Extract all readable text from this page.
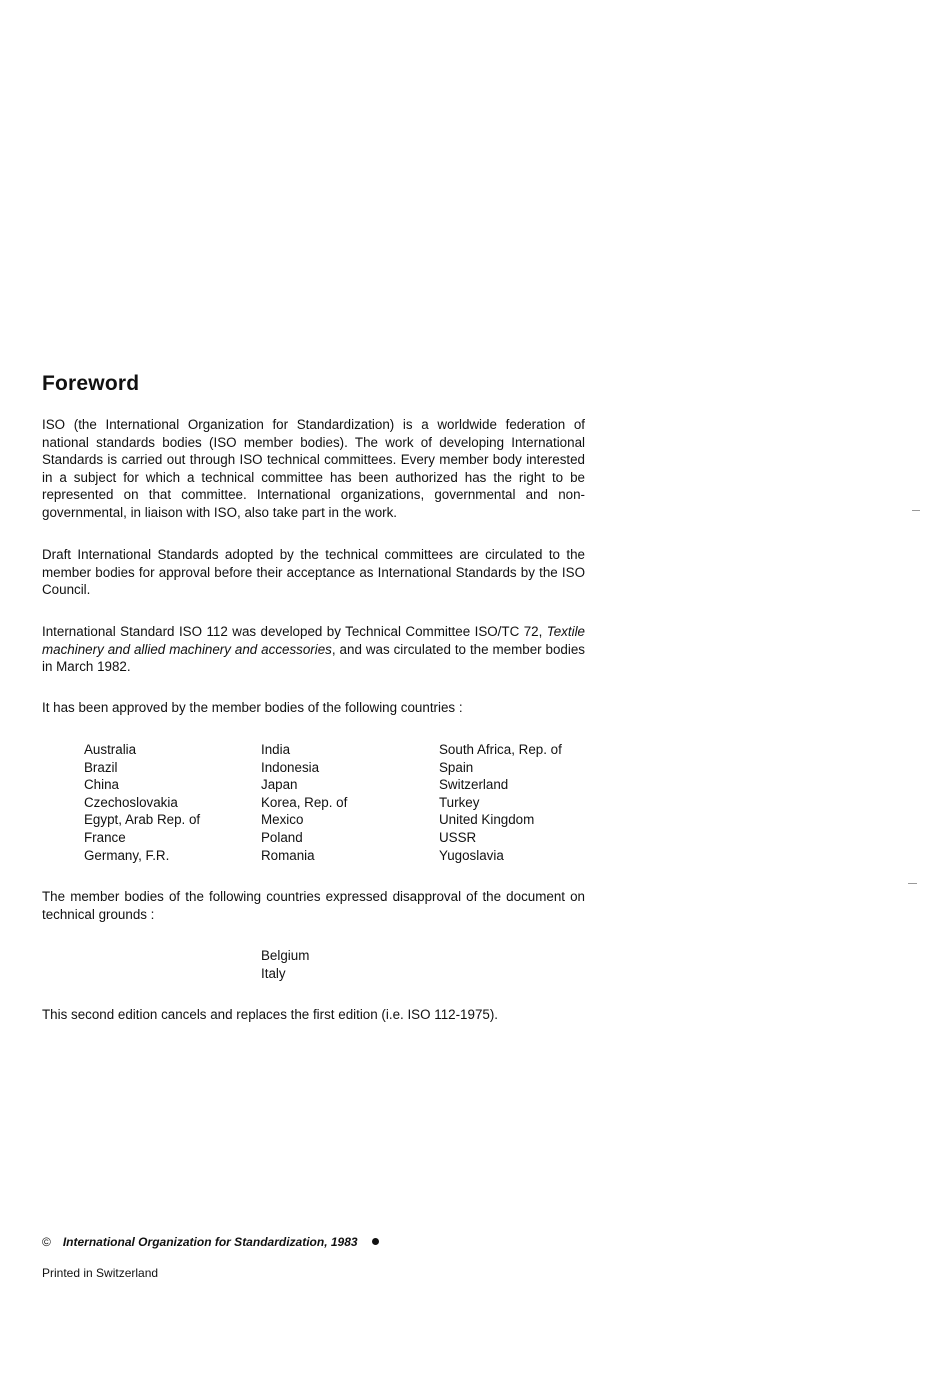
Foreword

ISO (the International Organization for Standardization) is a worldwide federation of national standards bodies (ISO member bodies). The work of developing International Standards is carried out through ISO technical committees. Every member body interested in a subject for which a technical committee has been authorized has the right to be represented on that committee. International organizations, governmental and non-governmental, in liaison with ISO, also take part in the work.

Draft International Standards adopted by the technical committees are circulated to the member bodies for approval before their acceptance as International Standards by the ISO Council.

International Standard ISO 112 was developed by Technical Committee ISO/TC 72, Textile machinery and allied machinery and accessories, and was circulated to the member bodies in March 1982.

It has been approved by the member bodies of the following countries :

Australia
Brazil
China
Czechoslovakia
Egypt, Arab Rep. of
France
Germany, F.R.
India
Indonesia
Japan
Korea, Rep. of
Mexico
Poland
Romania
South Africa, Rep. of
Spain
Switzerland
Turkey
United Kingdom
USSR
Yugoslavia

The member bodies of the following countries expressed disapproval of the document on technical grounds :

Belgium
Italy

This second edition cancels and replaces the first edition (i.e. ISO 112-1975).

© International Organization for Standardization, 1983
Printed in Switzerland
